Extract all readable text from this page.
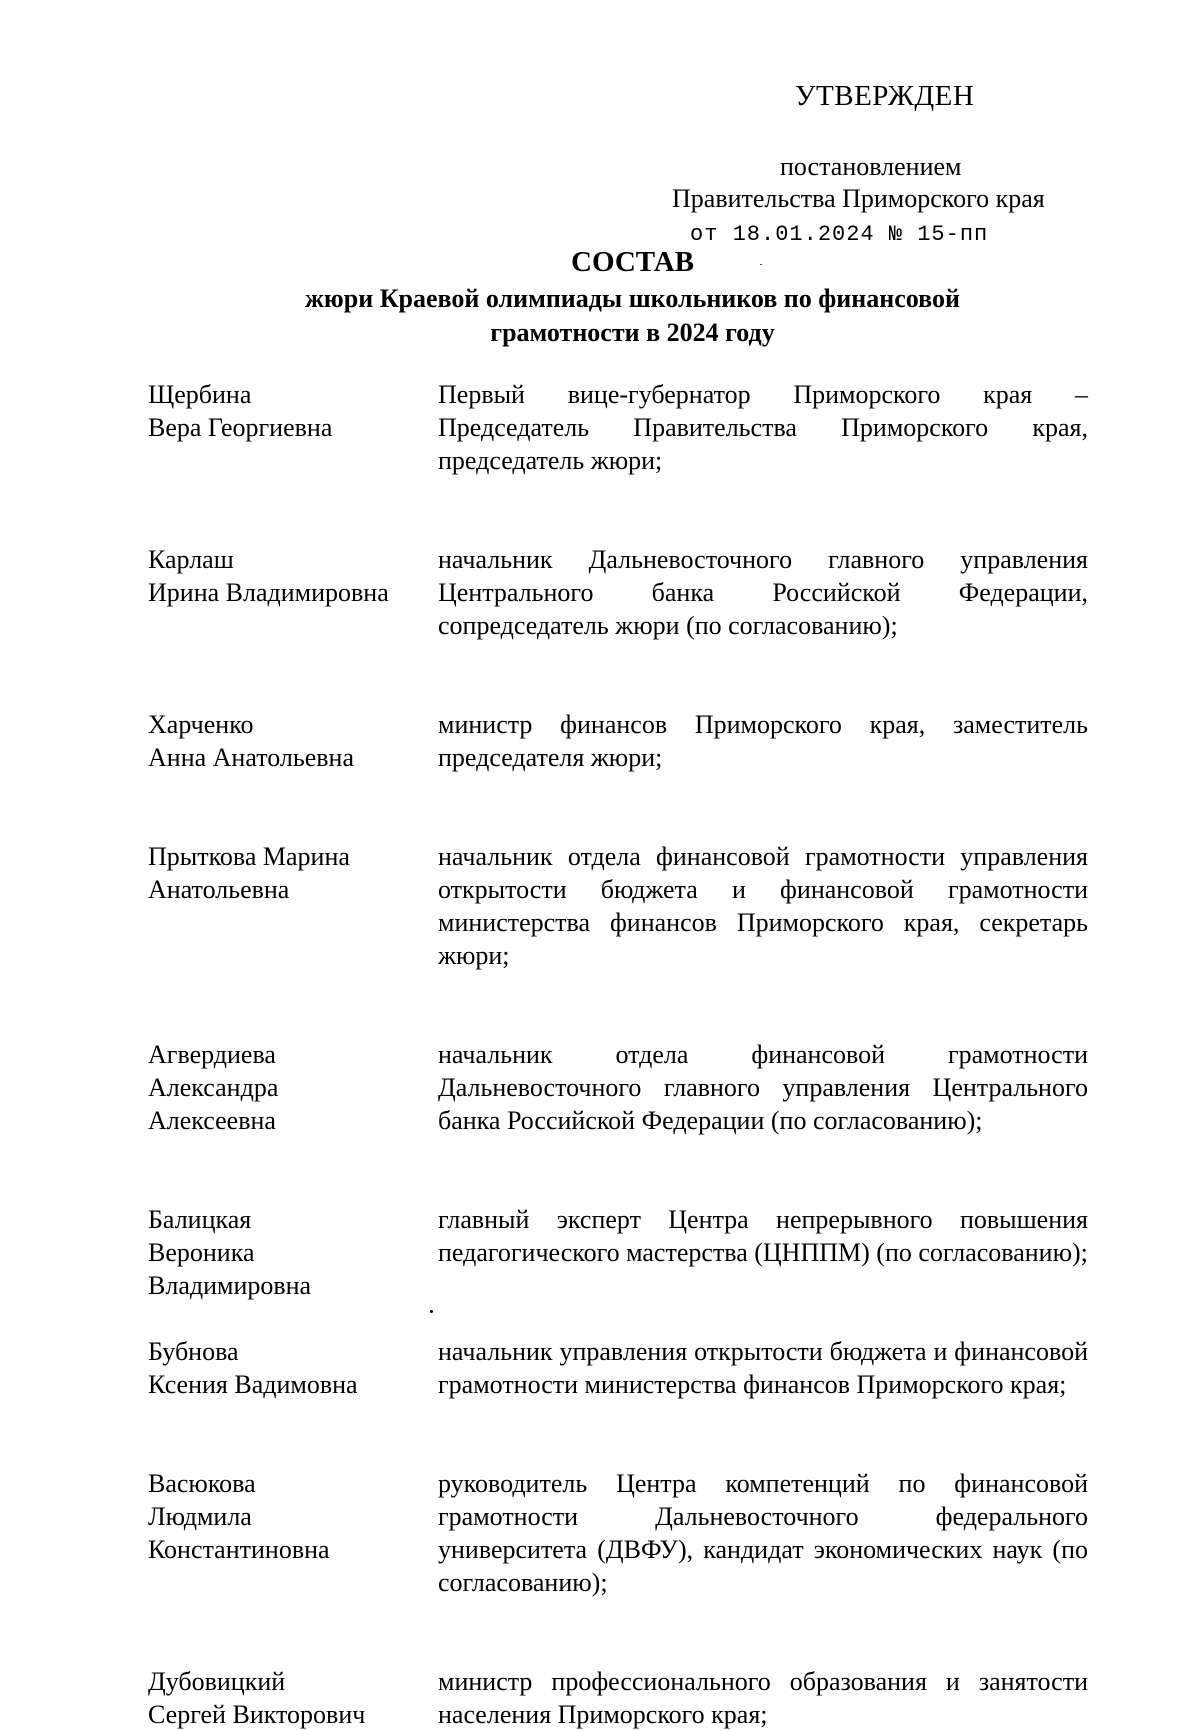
УТВЕРЖДЕН
постановлением
Правительства Приморского края
от 18.01.2024 № 15-пп
СОСТАВ
жюри Краевой олимпиады школьников по финансовой
грамотности в 2024 году
Щербина
Вера Георгиевна
Первый вице-губернатор Приморского края – Председатель Правительства Приморского края, председатель жюри;
Карлаш
Ирина Владимировна
начальник Дальневосточного главного управления Центрального банка Российской Федерации, сопредседатель жюри (по согласованию);
Харченко
Анна Анатольевна
министр финансов Приморского края, заместитель председателя жюри;
Прыткова Марина
Анатольевна
начальник отдела финансовой грамотности управления открытости бюджета и финансовой грамотности министерства финансов Приморского края, секретарь жюри;
Агвердиева
Александра
Алексеевна
начальник отдела финансовой грамотности Дальневосточного главного управления Центрального банка Российской Федерации (по согласованию);
Балицкая
Вероника
Владимировна
главный эксперт Центра непрерывного повышения педагогического мастерства (ЦНППМ) (по согласованию);
Бубнова
Ксения Вадимовна
начальник управления открытости бюджета и финансовой грамотности министерства финансов Приморского края;
Васюкова
Людмила
Константиновна
руководитель Центра компетенций по финансовой грамотности Дальневосточного федерального университета (ДВФУ), кандидат экономических наук (по согласованию);
Дубовицкий
Сергей Викторович
министр профессионального образования и занятости населения Приморского края;
